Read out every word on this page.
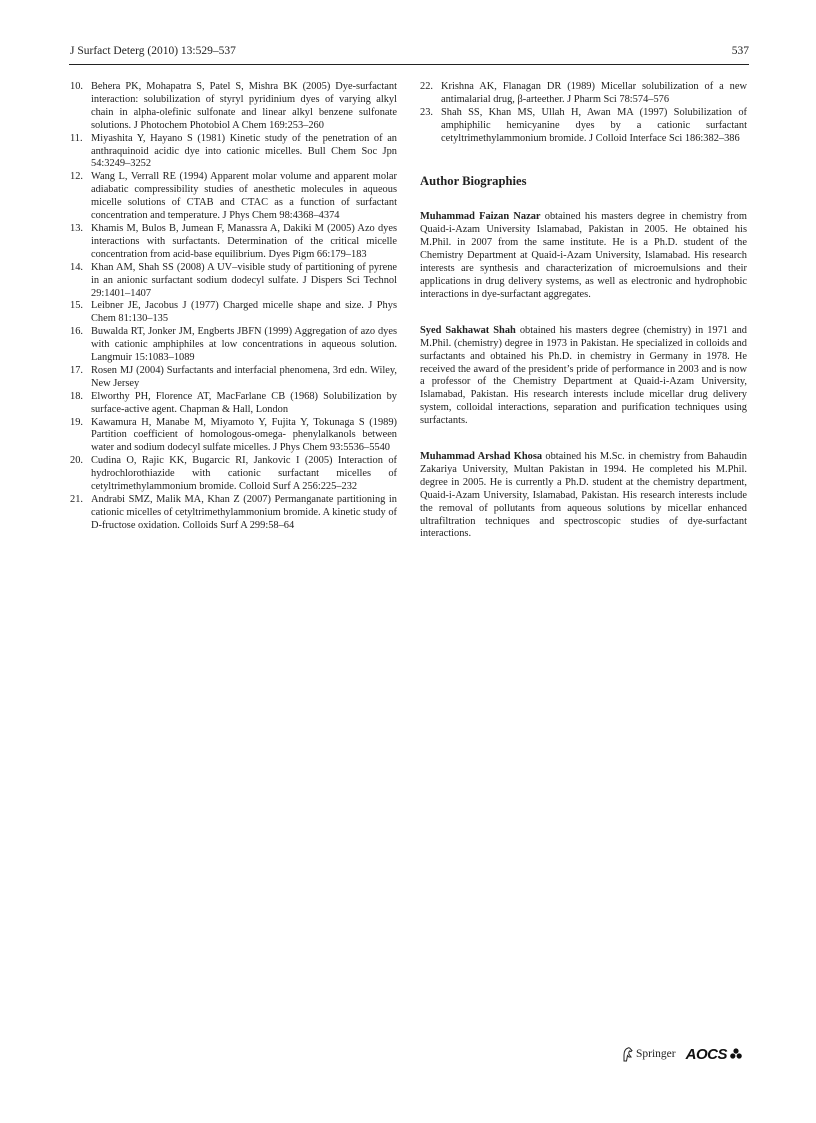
J Surfact Deterg (2010) 13:529–537	537

10. Behera PK, Mohapatra S, Patel S, Mishra BK (2005) Dye-surfactant interaction: solubilization of styryl pyridinium dyes of varying alkyl chain in alpha-olefinic sulfonate and linear alkyl benzene sulfonate solutions. J Photochem Photobiol A Chem 169:253–260

11. Miyashita Y, Hayano S (1981) Kinetic study of the penetration of an anthraquinoid acidic dye into cationic micelles. Bull Chem Soc Jpn 54:3249–3252

12. Wang L, Verrall RE (1994) Apparent molar volume and apparent molar adiabatic compressibility studies of anesthetic molecules in aqueous micelle solutions of CTAB and CTAC as a function of surfactant concentration and temperature. J Phys Chem 98:4368–4374

13. Khamis M, Bulos B, Jumean F, Manassra A, Dakiki M (2005) Azo dyes interactions with surfactants. Determination of the critical micelle concentration from acid-base equilibrium. Dyes Pigm 66:179–183

14. Khan AM, Shah SS (2008) A UV–visible study of partitioning of pyrene in an anionic surfactant sodium dodecyl sulfate. J Dispers Sci Technol 29:1401–1407

15. Leibner JE, Jacobus J (1977) Charged micelle shape and size. J Phys Chem 81:130–135

16. Buwalda RT, Jonker JM, Engberts JBFN (1999) Aggregation of azo dyes with cationic amphiphiles at low concentrations in aqueous solution. Langmuir 15:1083–1089

17. Rosen MJ (2004) Surfactants and interfacial phenomena, 3rd edn. Wiley, New Jersey

18. Elworthy PH, Florence AT, MacFarlane CB (1968) Solubilization by surface-active agent. Chapman & Hall, London

19. Kawamura H, Manabe M, Miyamoto Y, Fujita Y, Tokunaga S (1989) Partition coefficient of homologous-omega- phenylalkanols between water and sodium dodecyl sulfate micelles. J Phys Chem 93:5536–5540

20. Cudina O, Rajic KK, Bugarcic RI, Jankovic I (2005) Interaction of hydrochlorothiazide with cationic surfactant micelles of cetyltrimethylammonium bromide. Colloid Surf A 256:225–232

21. Andrabi SMZ, Malik MA, Khan Z (2007) Permanganate partitioning in cationic micelles of cetyltrimethylammonium bromide. A kinetic study of D-fructose oxidation. Colloids Surf A 299:58–64

22. Krishna AK, Flanagan DR (1989) Micellar solubilization of a new antimalarial drug, β-arteether. J Pharm Sci 78:574–576

23. Shah SS, Khan MS, Ullah H, Awan MA (1997) Solubilization of amphiphilic hemicyanine dyes by a cationic surfactant cetyltrimethylammonium bromide. J Colloid Interface Sci 186:382–386

Author Biographies

Muhammad Faizan Nazar obtained his masters degree in chemistry from Quaid-i-Azam University Islamabad, Pakistan in 2005. He obtained his M.Phil. in 2007 from the same institute. He is a Ph.D. student of the Chemistry Department at Quaid-i-Azam University, Islamabad. His research interests are synthesis and characterization of microemulsions and their applications in drug delivery systems, as well as electronic and hydrophobic interactions in dye-surfactant aggregates.

Syed Sakhawat Shah obtained his masters degree (chemistry) in 1971 and M.Phil. (chemistry) degree in 1973 in Pakistan. He specialized in colloids and surfactants and obtained his Ph.D. in chemistry in Germany in 1978. He received the award of the president’s pride of performance in 2003 and is now a professor of the Chemistry Department at Quaid-i-Azam University, Islamabad, Pakistan. His research interests include micellar drug delivery system, colloidal interactions, separation and purification techniques using surfactants.

Muhammad Arshad Khosa obtained his M.Sc. in chemistry from Bahaudin Zakariya University, Multan Pakistan in 1994. He completed his M.Phil. degree in 2005. He is currently a Ph.D. student at the chemistry department, Quaid-i-Azam University, Islamabad, Pakistan. His research interests include the removal of pollutants from aqueous solutions by micellar enhanced ultrafiltration techniques and spectroscopic studies of dye-surfactant interactions.

Springer AOCS
